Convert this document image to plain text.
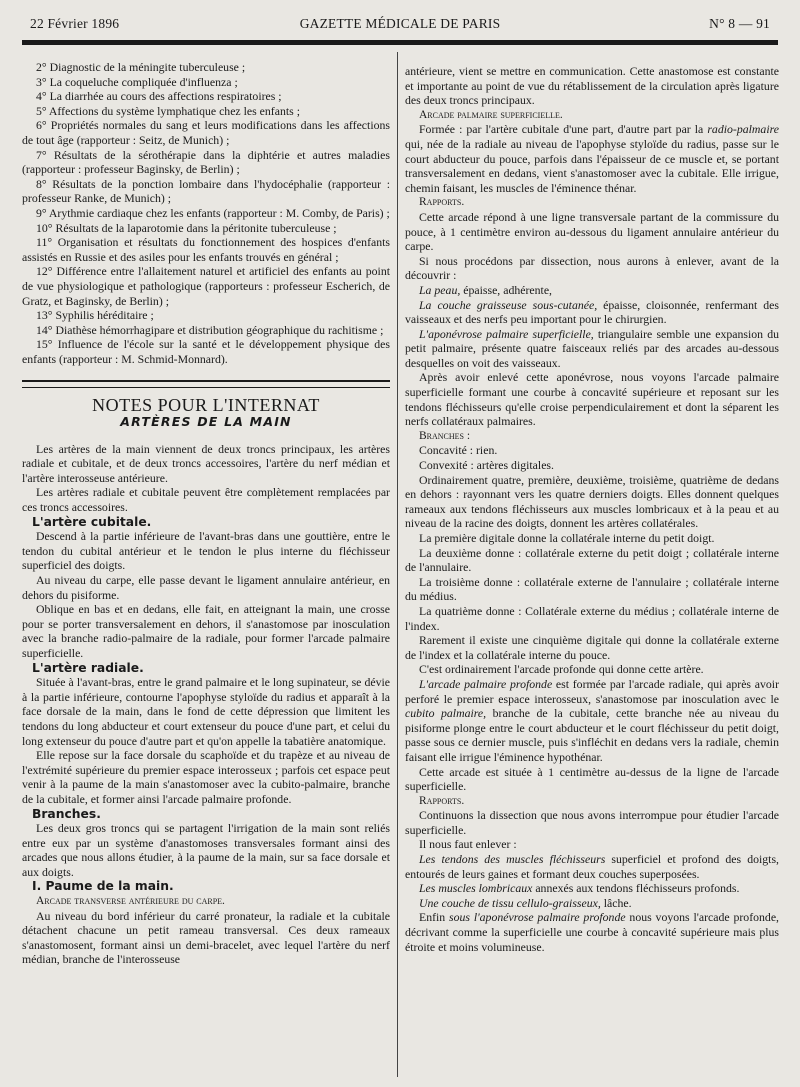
22 Février 1896	GAZETTE MÉDICALE DE PARIS	N° 8 — 91

2° Diagnostic de la méningite tuberculeuse ;

3° La coqueluche compliquée d'influenza ;

4° La diarrhée au cours des affections respiratoires ;

5° Affections du système lymphatique chez les enfants ;

6° Propriétés normales du sang et leurs modifications dans les affections de tout âge (rapporteur : Seitz, de Munich) ;

7° Résultats de la sérothérapie dans la diphtérie et autres maladies (rapporteur : professeur Baginsky, de Berlin) ;

8° Résultats de la ponction lombaire dans l'hydocéphalie (rapporteur : professeur Ranke, de Munich) ;

9° Arythmie cardiaque chez les enfants (rapporteur : M. Comby, de Paris) ;

10° Résultats de la laparotomie dans la péritonite tuberculeuse ;

11° Organisation et résultats du fonctionnement des hospices d'enfants assistés en Russie et des asiles pour les enfants trouvés en général ;

12° Différence entre l'allaitement naturel et artificiel des enfants au point de vue physiologique et pathologique (rapporteurs : professeur Escherich, de Gratz, et Baginsky, de Berlin) ;

13° Syphilis héréditaire ;

14° Diathèse hémorrhagipare et distribution géographique du rachitisme ;

15° Influence de l'école sur la santé et le développement physique des enfants (rapporteur : M. Schmid-Monnard).

NOTES POUR L'INTERNAT
ARTÈRES DE LA MAIN

Les artères de la main viennent de deux troncs principaux, les artères radiale et cubitale, et de deux troncs accessoires, l'artère du nerf médian et l'artère interosseuse antérieure.

Les artères radiale et cubitale peuvent être complètement remplacées par ces troncs accessoires.

L'artère cubitale.

Descend à la partie inférieure de l'avant-bras dans une gouttière, entre le tendon du cubital antérieur et le tendon le plus interne du fléchisseur superficiel des doigts.

Au niveau du carpe, elle passe devant le ligament annulaire antérieur, en dehors du pisiforme.

Oblique en bas et en dedans, elle fait, en atteignant la main, une crosse pour se porter transversalement en dehors, il s'anastomose par inosculation avec la branche radio-palmaire de la radiale, pour former l'arcade palmaire superficielle.

L'artère radiale.

Située à l'avant-bras, entre le grand palmaire et le long supinateur, se dévie à la partie inférieure, contourne l'apophyse styloïde du radius et apparaît à la face dorsale de la main, dans le fond de cette dépression que limitent les tendons du long abducteur et court extenseur du pouce d'une part, et celui du long extenseur du pouce d'autre part et qu'on appelle la tabatière anatomique.

Elle repose sur la face dorsale du scaphoïde et du trapèze et au niveau de l'extrémité supérieure du premier espace interosseux ; parfois cet espace peut venir à la paume de la main s'anastomoser avec la cubito-palmaire, branche de la cubitale, et former ainsi l'arcade palmaire profonde.

Branches.

Les deux gros troncs qui se partagent l'irrigation de la main sont reliés entre eux par un système d'anastomoses transversales formant ainsi des arcades que nous allons étudier, à la paume de la main, sur sa face dorsale et aux doigts.

I. Paume de la main.

Arcade transverse antérieure du carpe.

Au niveau du bord inférieur du carré pronateur, la radiale et la cubitale détachent chacune un petit rameau transversal. Ces deux rameaux s'anastomosent, formant ainsi un demi-bracelet, avec lequel l'artère du nerf médian, branche de l'interosseuse

antérieure, vient se mettre en communication. Cette anastomose est constante et importante au point de vue du rétablissement de la circulation après ligature des deux troncs principaux.

Arcade palmaire superficielle.

Formée : par l'artère cubitale d'une part, d'autre part par la radio-palmaire qui, née de la radiale au niveau de l'apophyse styloïde du radius, passe sur le court abducteur du pouce, parfois dans l'épaisseur de ce muscle et, se portant transversalement en dedans, vient s'anastomoser avec la cubitale. Elle irrigue, chemin faisant, les muscles de l'éminence thénar.

Rapports.

Cette arcade répond à une ligne transversale partant de la commissure du pouce, à 1 centimètre environ au-dessous du ligament annulaire antérieur du carpe.

Si nous procédons par dissection, nous aurons à enlever, avant de la découvrir :

La peau, épaisse, adhérente,

La couche graisseuse sous-cutanée, épaisse, cloisonnée, renfermant des vaisseaux et des nerfs peu important pour le chirurgien.

L'aponévrose palmaire superficielle, triangulaire semble une expansion du petit palmaire, présente quatre faisceaux reliés par des arcades au-dessous desquelles on voit des vaisseaux.

Après avoir enlevé cette aponévrose, nous voyons l'arcade palmaire superficielle formant une courbe à concavité supérieure et reposant sur les tendons fléchisseurs qu'elle croise perpendiculairement et dont la séparent les nerfs collatéraux palmaires.

Branches :

Concavité : rien.

Convexité : artères digitales.

Ordinairement quatre, première, deuxième, troisième, quatrième de dedans en dehors : rayonnant vers les quatre derniers doigts. Elles donnent quelques rameaux aux tendons fléchisseurs aux muscles lombricaux et à la peau et au niveau de la racine des doigts, donnent les artères collatérales.

La première digitale donne la collatérale interne du petit doigt.

La deuxième donne : collatérale externe du petit doigt ; collatérale interne de l'annulaire.

La troisième donne : collatérale externe de l'annulaire ; collatérale interne du médius.

La quatrième donne : Collatérale externe du médius ; collatérale interne de l'index.

Rarement il existe une cinquième digitale qui donne la collatérale externe de l'index et la collatérale interne du pouce.

C'est ordinairement l'arcade profonde qui donne cette artère.

L'arcade palmaire profonde est formée par l'arcade radiale, qui après avoir perforé le premier espace interosseux, s'anastomose par inosculation avec le cubito palmaire, branche de la cubitale, cette branche née au niveau du pisiforme plonge entre le court abducteur et le court fléchisseur du petit doigt, passe sous ce dernier muscle, puis s'infléchit en dedans vers la radiale, chemin faisant elle irrigue l'éminence hypothénar.

Cette arcade est située à 1 centimètre au-dessus de la ligne de l'arcade superficielle.

Rapports.

Continuons la dissection que nous avons interrompue pour étudier l'arcade superficielle.

Il nous faut enlever :

Les tendons des muscles fléchisseurs superficiel et profond des doigts, entourés de leurs gaines et formant deux couches superposées.

Les muscles lombricaux annexés aux tendons fléchisseurs profonds.

Une couche de tissu cellulo-graisseux, lâche.

Enfin sous l'aponévrose palmaire profonde nous voyons l'arcade profonde, décrivant comme la superficielle une courbe à concavité supérieure mais plus étroite et moins volumineuse.
